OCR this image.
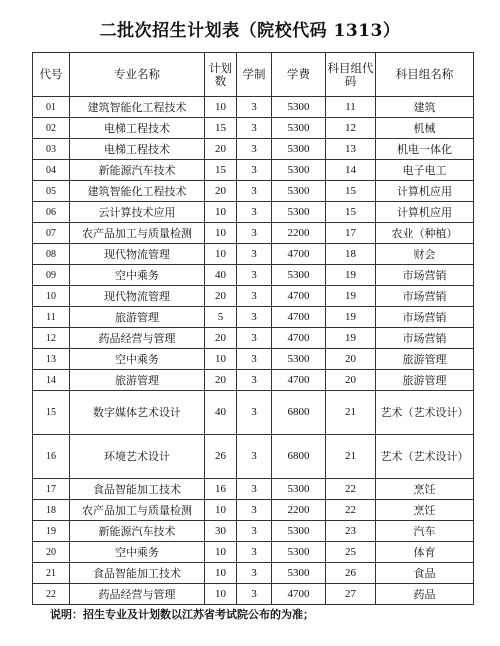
二批次招生计划表（院校代码 1313）
代号	专业名称	计划数	学制	学费	科目组代码	科目组名称
01	建筑智能化工程技术	10	3	5300	11	建筑
02	电梯工程技术	15	3	5300	12	机械
03	电梯工程技术	20	3	5300	13	机电一体化
04	新能源汽车技术	15	3	5300	14	电子电工
05	建筑智能化工程技术	20	3	5300	15	计算机应用
06	云计算技术应用	10	3	5300	15	计算机应用
07	农产品加工与质量检测	10	3	2200	17	农业（种植）
08	现代物流管理	10	3	4700	18	财会
09	空中乘务	40	3	5300	19	市场营销
10	现代物流管理	20	3	4700	19	市场营销
11	旅游管理	5	3	4700	19	市场营销
12	药品经营与管理	20	3	4700	19	市场营销
13	空中乘务	10	3	5300	20	旅游管理
14	旅游管理	20	3	4700	20	旅游管理
15	数字媒体艺术设计	40	3	6800	21	艺术（艺术设计）
16	环境艺术设计	26	3	6800	21	艺术（艺术设计）
17	食品智能加工技术	16	3	5300	22	烹饪
18	农产品加工与质量检测	10	3	2200	22	烹饪
19	新能源汽车技术	30	3	5300	23	汽车
20	空中乘务	10	3	5300	25	体育
21	食品智能加工技术	10	3	5300	26	食品
22	药品经营与管理	10	3	4700	27	药品
说明：招生专业及计划数以江苏省考试院公布的为准；
